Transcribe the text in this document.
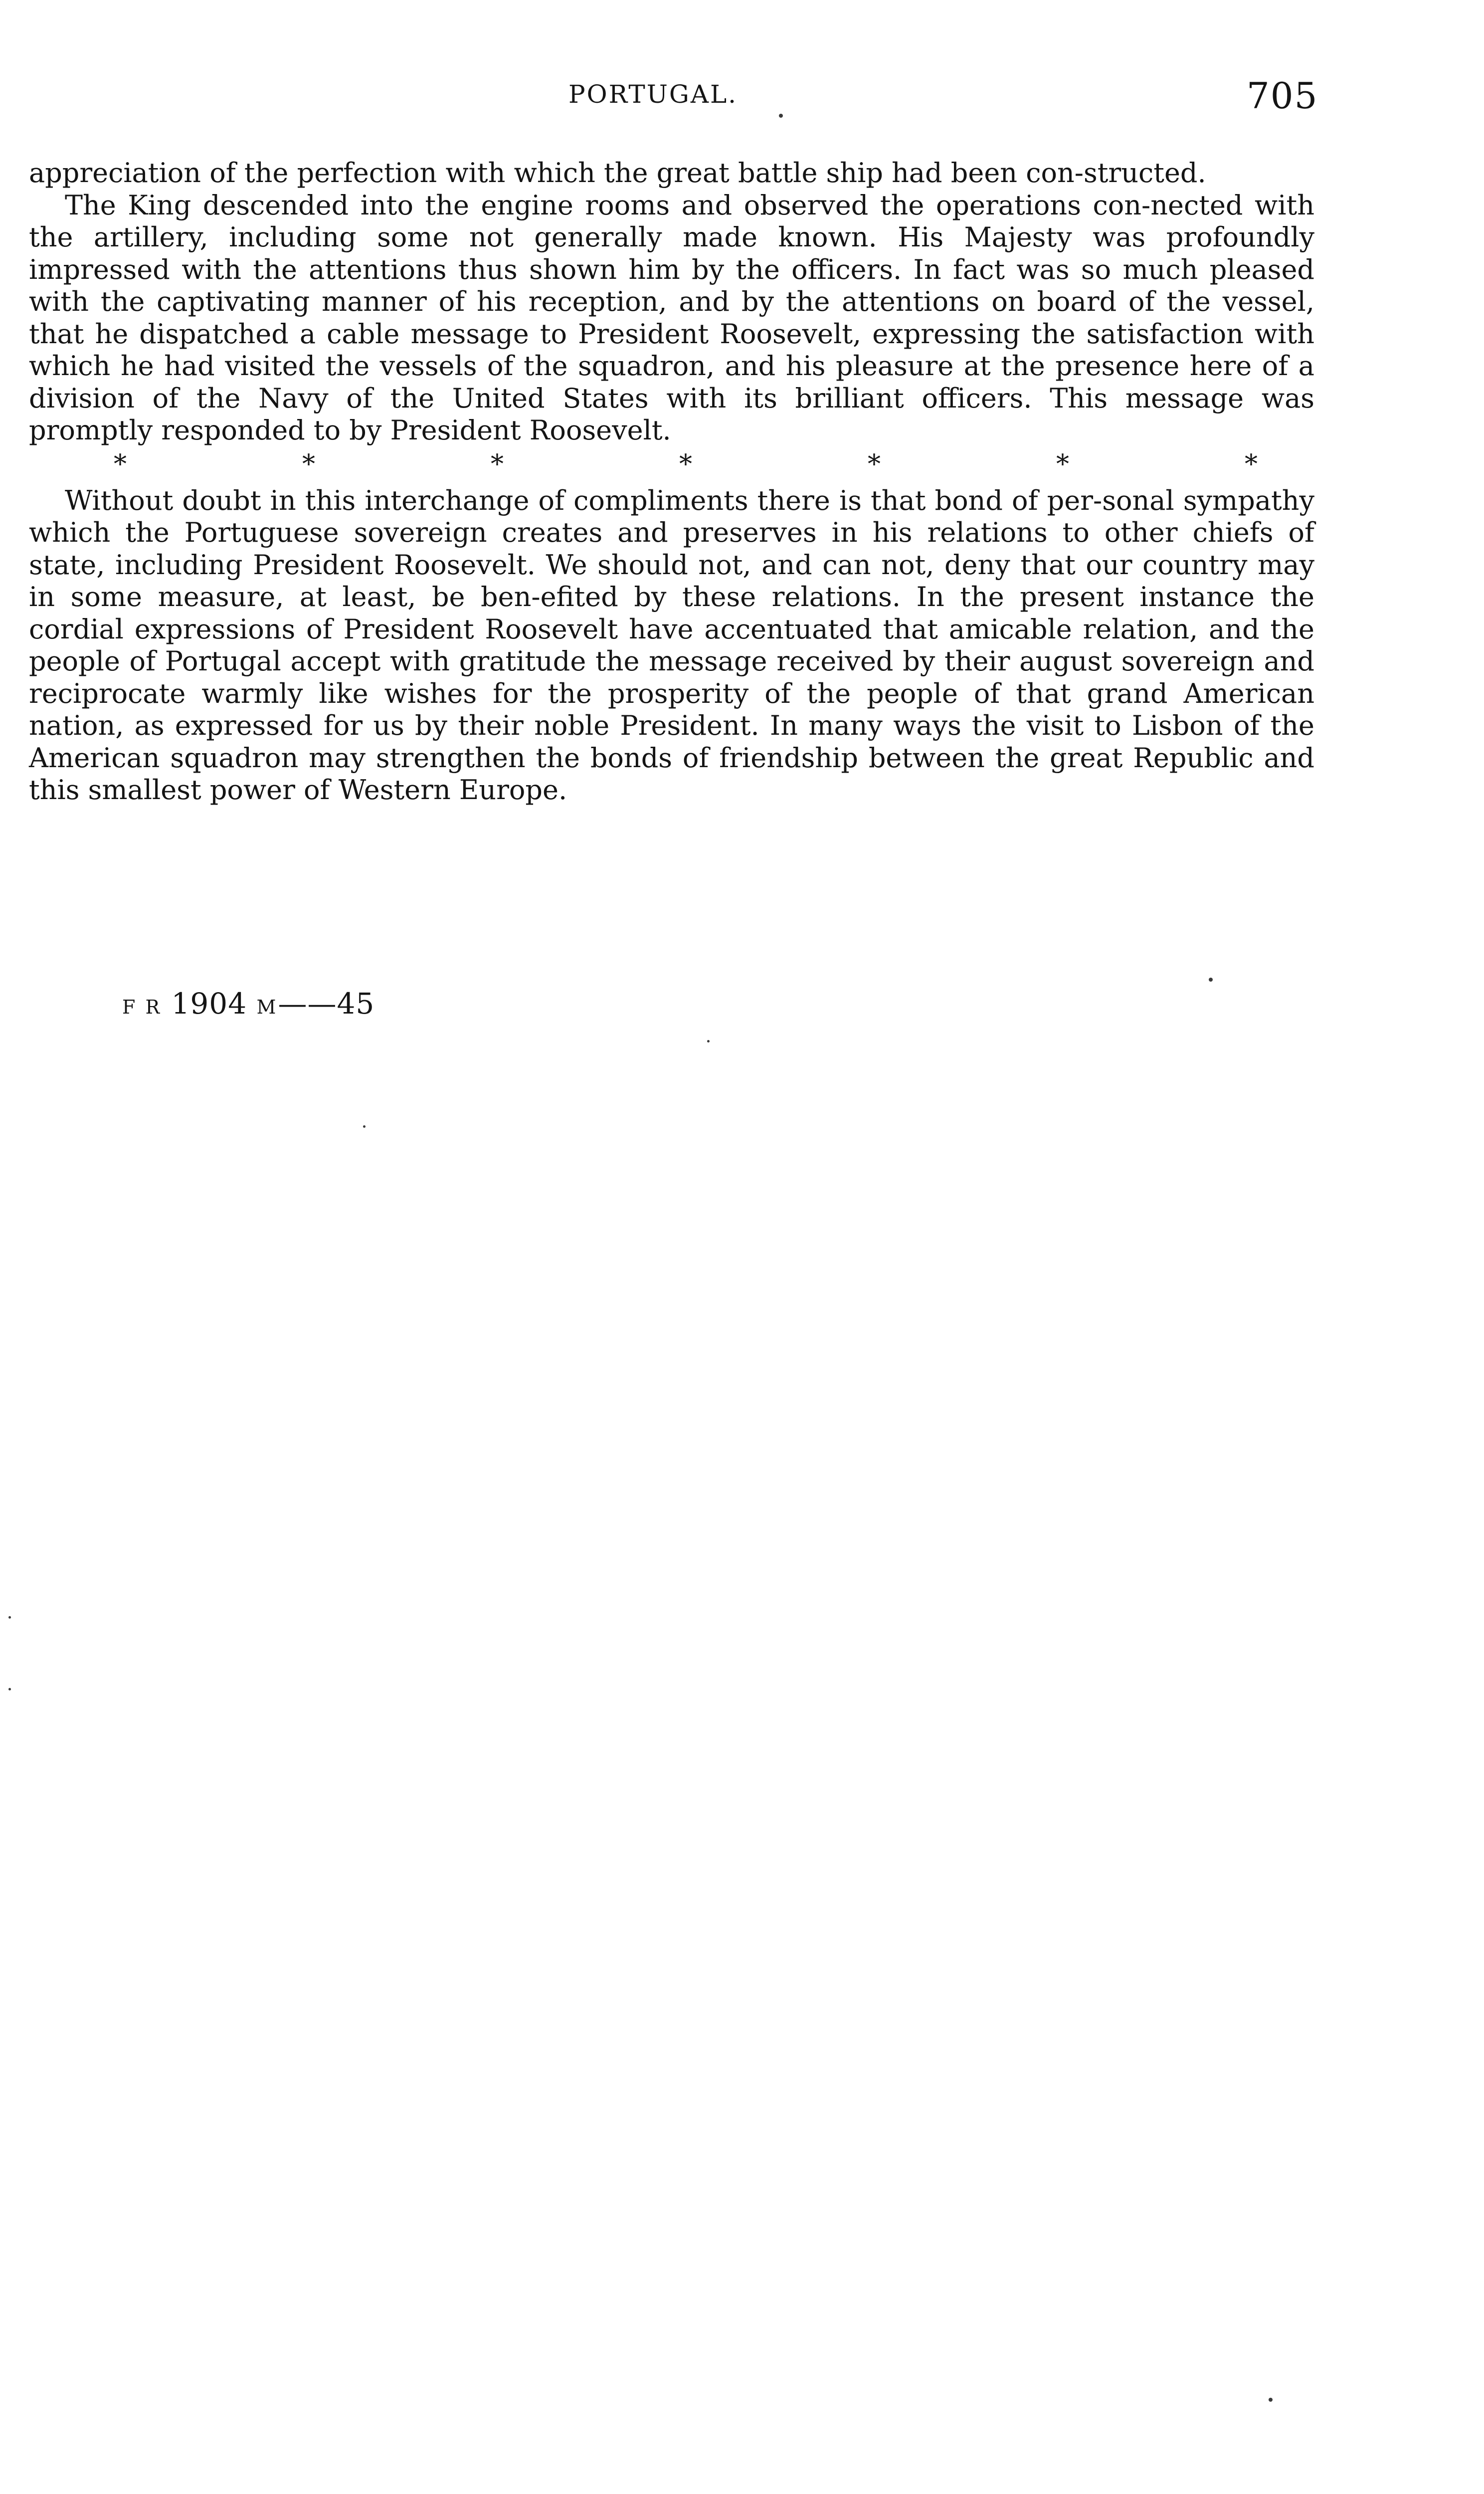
PORTUGAL.	705

appreciation of the perfection with which the great battle ship had been con-structed.

The King descended into the engine rooms and observed the operations con-nected with the artillery, including some not generally made known. His Majesty was profoundly impressed with the attentions thus shown him by the officers. In fact was so much pleased with the captivating manner of his reception, and by the attentions on board of the vessel, that he dispatched a cable message to President Roosevelt, expressing the satisfaction with which he had visited the vessels of the squadron, and his pleasure at the presence here of a division of the Navy of the United States with its brilliant officers. This message was promptly responded to by President Roosevelt.

*	*	*	*	*	*	*

Without doubt in this interchange of compliments there is that bond of per-sonal sympathy which the Portuguese sovereign creates and preserves in his relations to other chiefs of state, including President Roosevelt. We should not, and can not, deny that our country may in some measure, at least, be ben-efited by these relations. In the present instance the cordial expressions of President Roosevelt have accentuated that amicable relation, and the people of Portugal accept with gratitude the message received by their august sovereign and reciprocate warmly like wishes for the prosperity of the people of that grand American nation, as expressed for us by their noble President. In many ways the visit to Lisbon of the American squadron may strengthen the bonds of friendship between the great Republic and this smallest power of Western Europe.

F R 1904 M——45
